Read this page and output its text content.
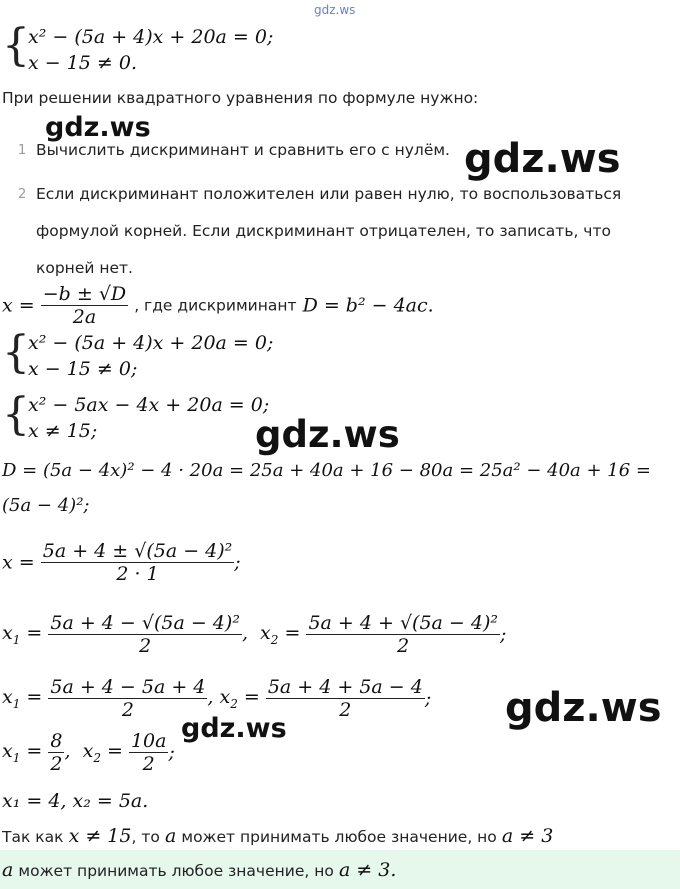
gdz.ws
{
x² − (5a + 4)x + 20a = 0;
x − 15 ≠ 0.
При решении квадратного уравнения по формуле нужно:
gdz.ws
1 Вычислить дискриминант и сравнить его с нулём. gdz.ws
2 Если дискриминант положителен или равен нулю, то воспользоваться
формулой корней. Если дискриминант отрицателен, то записать, что
корней нет.
$x = \frac{-b \pm √D}{2a}$ , где дискриминант D = b² − 4ac.
{
x² − (5a + 4)x + 20a = 0;
x − 15 ≠ 0;
{
x² − 5ax − 4x + 20a = 0;
x ≠ 15;	gdz.ws
D = (5a − 4x)² − 4 · 20a = 25a + 40a + 16 − 80a = 25a² − 40a + 16 =
(5a − 4)²;
$x = \frac{\text{5a + 4 ± √(5a − 4)²}}{2 \cdot 1}$ ;
$x_1 = \frac{\text{5a + 4 − √(5a − 4)²}}{2}$ ,  $x_2 = \frac{\text{5a + 4 + √(5a − 4)²}}{2}$ ;
$x_1 = \frac{5a + 4 - 5a + 4}{2}$ , $x_2 = \frac{5a + 4 + 5a - 4}{2}$ ;
gdz.ws	gdz.ws
$x_1 = \frac{8}{2}$ ,  $x_2 = \frac{10a}{2}$ ;
x₁ = 4, x₂ = 5a.
Так как x ≠ 15, то a может принимать любое значение, но a ≠ 3
a может принимать любое значение, но a ≠ 3.
